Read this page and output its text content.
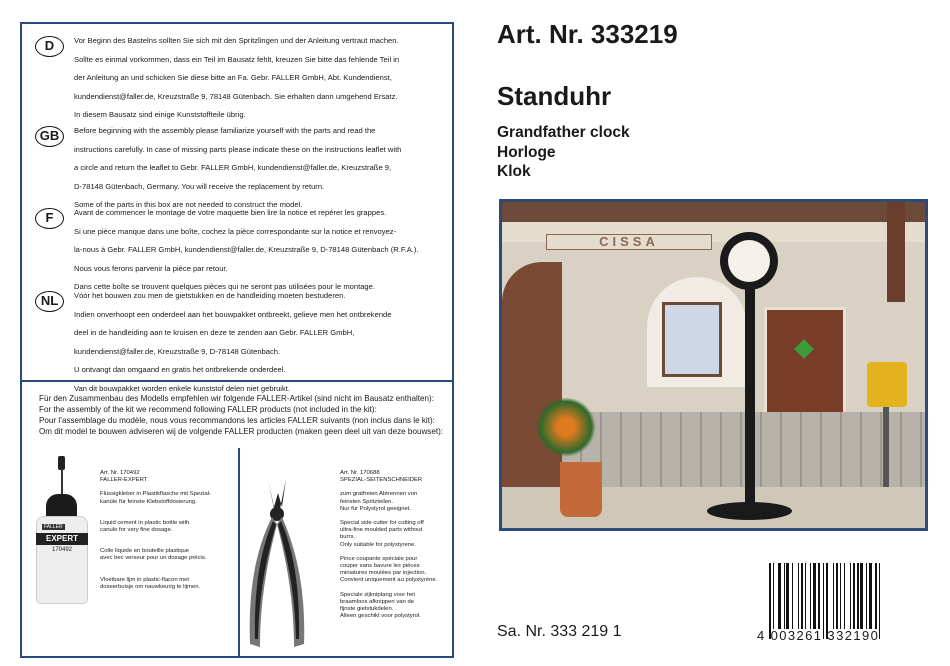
D	Vor Beginn des Bastelns sollten Sie sich mit den Spritzlingen und der Anleitung vertraut machen.
Sollte es einmal vorkommen, dass ein Teil im Bausatz fehlt, kreuzen Sie bitte das fehlende Teil in
der Anleitung an und schicken Sie diese bitte an Fa. Gebr. FALLER GmbH, Abt. Kundendienst,
kundendienst@faller.de, Kreuzstraße 9, 78148 Gütenbach. Sie erhalten dann umgehend Ersatz.
In diesem Bausatz sind einige Kunststoffteile übrig.

GB	Before beginning with the assembly please familiarize yourself with the parts and read the
instructions carefully. In case of missing parts please indicate these on the instructions leaflet with
a circle and return the leaflet to Gebr. FALLER GmbH, kundendienst@faller.de, Kreuzstraße 9,
D-78148 Gütenbach, Germany. You will receive the replacement by return.
Some of the parts in this box are not needed to construct the model.

F	Avant de commencer le montage de votre maquette bien lire la notice et repérer les grappes.
Si une pièce manque dans une boîte, cochez la pièce correspondante sur la notice et renvoyez-
la-nous à Gebr. FALLER GmbH, kundendienst@faller.de, Kreuzstraße 9, D-78148 Gütenbach (R.F.A.).
Nous vous ferons parvenir la pièce par retour.
Dans cette boîte se trouvent quelques pièces qui ne seront pas utilisées pour le montage.

NL	Vóór het bouwen zou men de gietstukken en de handleiding moeten bestuderen.
Indien onverhoopt een onderdeel aan het bouwpakket ontbreekt, gelieve men het ontbrekende
deel in de handleiding aan te kruisen en deze te zenden aan Gebr. FALLER GmbH,
kundendienst@faller.de, Kreuzstraße 9, D-78148 Gütenbach.
U ontvangt dan omgaand en gratis het ontbrekende onderdeel.
Van dit bouwpakket worden enkele kunststof delen niet gebruikt.

Für den Zusammenbau des Modells empfehlen wir folgende FALLER-Artikel (sind nicht im Bausatz enthalten):
For the assembly of the kit we recommend following FALLER products (not included in the kit):
Pour l’assemblage du modèle, nous vous recommandons les articles FALLER suivants (non inclus dans le kit):
Om dit model te bouwen adviseren wij de volgende FALLER producten (maken geen deel uit van deze bouwset):
FALLER
EXPERT
170492
Art. Nr. 170492
FALLER-EXPERT
Flüssigkleber in Plastikflasche mit Spezial-
kanüle für feinste Klebstoffdosierung.
Liquid cement in plastic bottle with
canule for very fine dosage.
Colle liquide en bouteille plastique
avec bec verseur pour un dosage précis.
Vloeibare lijm in plastic-flacon met
doseerbuisje om nauwkeurig te lijmen.
Art. Nr. 170688
SPEZIAL-SEITENSCHNEIDER
zum gratfreien Abtrennen von
feinsten Spritzteilen.
Nur für Polystyrol geeignet.
Special side cutter for cutting off
ultra-fine moulded parts without
burrs.
Only suitable for polystyrene.
Pince coupante spéciale pour
couper sans bavure les pièces
miniatures moulées par injection.
Convient uniquement au polystyrène.
Speciale zijkniptang voor het
braamloos afknippen van de
fijnste gietstukdelen.
Alleen geschikt voor polystyrol.
Art. Nr. 333219
Standuhr
Grandfather clock
Horloge
Klok
CISSA
Sa. Nr. 333 219 1	4 003261 332190
